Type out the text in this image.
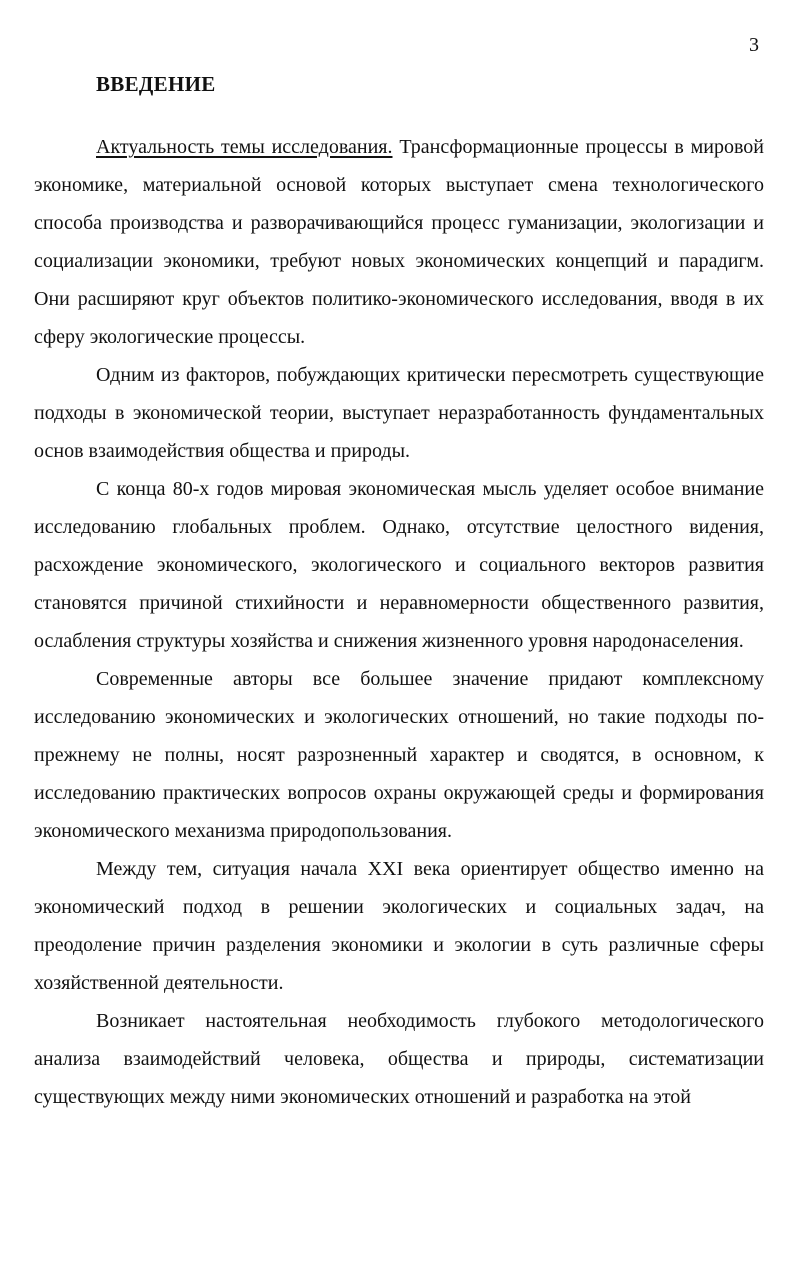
3
ВВЕДЕНИЕ

Актуальность темы исследования. Трансформационные процессы в мировой экономике, материальной основой которых выступает смена технологического способа производства и разворачивающийся процесс гуманизации, экологизации и социализации экономики, требуют новых экономических концепций и парадигм. Они расширяют круг объектов политико-экономического исследования, вводя в их сферу экологические процессы.

Одним из факторов, побуждающих критически пересмотреть существующие подходы в экономической теории, выступает неразработанность фундаментальных основ взаимодействия общества и природы.

С конца 80-х годов мировая экономическая мысль уделяет особое внимание исследованию глобальных проблем. Однако, отсутствие целостного видения, расхождение экономического, экологического и социального векторов развития становятся причиной стихийности и неравномерности общественного развития, ослабления структуры хозяйства и снижения жизненного уровня народонаселения.

Современные авторы все большее значение придают комплексному исследованию экономических и экологических отношений, но такие подходы по-прежнему не полны, носят разрозненный характер и сводятся, в основном, к исследованию практических вопросов охраны окружающей среды и формирования экономического механизма природопользования.

Между тем, ситуация начала XXI века ориентирует общество именно на экономический подход в решении экологических и социальных задач, на преодоление причин разделения экономики и экологии в суть различные сферы хозяйственной деятельности.

Возникает настоятельная необходимость глубокого методологического анализа взаимодействий человека, общества и природы, систематизации существующих между ними экономических отношений и разработка на этой
